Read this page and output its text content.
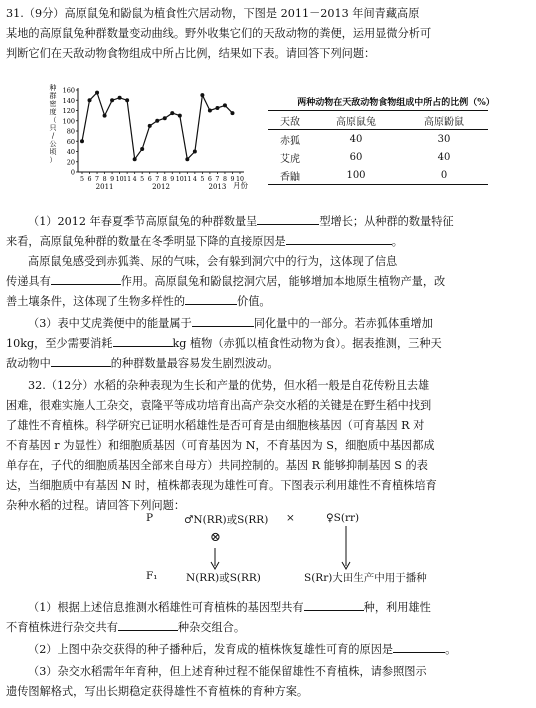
31.（9分）高原鼠兔和鼢鼠为植食性穴居动物，下图是 2011－2013 年间青藏高原
某地的高原鼠兔种群数量变动曲线。野外收集它们的天敌动物的粪便，运用显微分析可
判断它们在天敌动物食物组成中所占比例，结果如下表。请回答下列问题：
种
群
密
度
（
只
/
公
顷
）
0
20
40
60
80
100
120
140
160
5 6 7 8 9 10 11 4 5 6 7 8 9 10 11 4 5 6 7 8 9 10
2011	2012	2013 月份
两种动物在天敌动物食物组成中所占的比例（%）
天敌	高原鼠兔	高原鼢鼠
赤狐	40	30
艾虎	60	40
香鼬	100	0
（1）2012 年春夏季节高原鼠兔的种群数量呈	型增长；从种群的数量特征
来看，高原鼠兔种群的数量在冬季明显下降的直接原因是	。
高原鼠兔感受到赤狐粪、尿的气味，会有躲到洞穴中的行为，这体现了信息
传递具有	作用。高原鼠兔和鼢鼠挖洞穴居，能够增加本地原生植物产量，改
善土壤条件，这体现了生物多样性的	价值。
（3）表中艾虎粪便中的能量属于	同化量中的一部分。若赤狐体重增加
10kg，至少需要消耗	kg 植物（赤狐以植食性动物为食）。据表推测，三种天
敌动物中	的种群数量最容易发生剧烈波动。
32.（12分）水稻的杂种表现为生长和产量的优势，但水稻一般是自花传粉且去雄
困难，很难实施人工杂交，袁隆平等成功培育出高产杂交水稻的关键是在野生稻中找到
了雄性不育植株。科学研究已证明水稻雄性是否可育是由细胞核基因（可育基因 R 对
不育基因 r 为显性）和细胞质基因（可育基因为 N，不育基因为 S，细胞质中基因都成
单存在，子代的细胞质基因全部来自母方）共同控制的。基因 R 能够抑制基因 S 的表
达，当细胞质中有基因 N 时，植株都表现为雄性可育。下图表示利用雄性不育植株培育
杂种水稻的过程。请回答下列问题：
P	♂N(RR)或S(RR) ×	♀S(rr)
⊗
F₁	N(RR)或S(RR)	S(Rr)大田生产中用于播种
（1）根据上述信息推测水稻雄性可育植株的基因型共有	种，利用雄性
不育植株进行杂交共有	种杂交组合。
（2）上图中杂交获得的种子播种后，发育成的植株恢复雄性可育的原因是	。
（3）杂交水稻需年年育种，但上述育种过程不能保留雄性不育植株，请参照图示
遗传图解格式，写出长期稳定获得雄性不育植株的育种方案。
